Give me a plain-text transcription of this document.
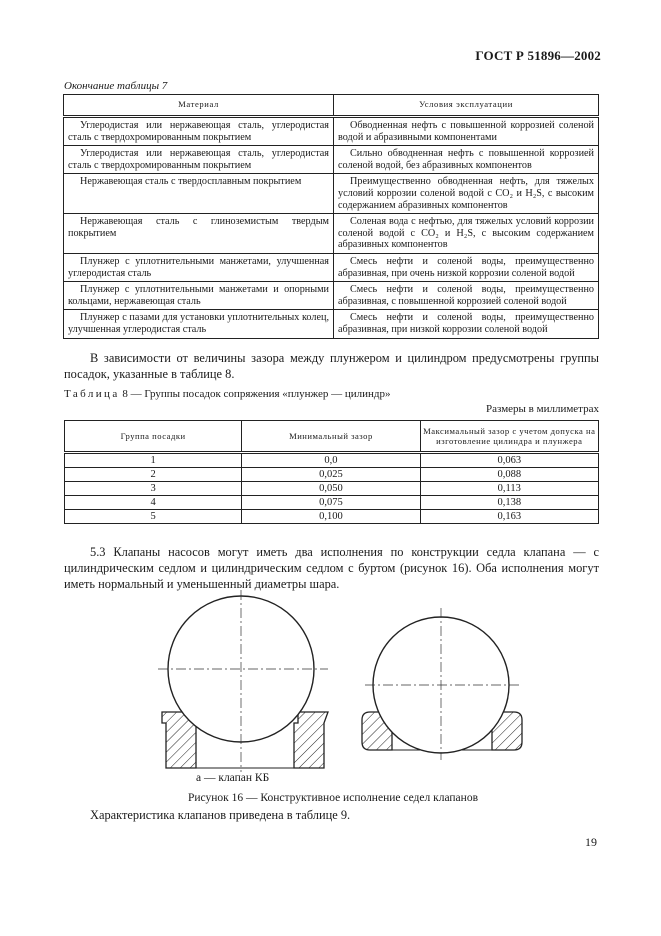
ГОСТ Р 51896—2002
Окончание таблицы 7
Материал	Условия эксплуатации

Углеродистая или нержавеющая сталь, углеродистая сталь с твердохромированным покрытием	Обводненная нефть с повышенной коррозией соленой водой и абразивными компонентами

Углеродистая или нержавеющая сталь, углеродистая сталь с твердохромированным покрытием	Сильно обводненная нефть с повышенной коррозией соленой водой, без абразивных компонентов

Нержавеющая сталь с твердосплавным покрытием	Преимущественно обводненная нефть, для тяжелых условий коррозии соленой водой с CO₂ и H₂S, с высоким содержанием абразивных компонентов

Нержавеющая сталь с глиноземистым твердым покрытием	Соленая вода с нефтью, для тяжелых условий коррозии соленой водой с CO₂ и H₂S, с высоким содержанием абразивных компонентов

Плунжер с уплотнительными манжетами, улучшенная углеродистая сталь	Смесь нефти и соленой воды, преимущественно абразивная, при очень низкой коррозии соленой водой

Плунжер с уплотнительными манжетами и опорными кольцами, нержавеющая сталь	Смесь нефти и соленой воды, преимущественно абразивная, с повышенной коррозией соленой водой

Плунжер с пазами для установки уплотнительных колец, улучшенная углеродистая сталь	Смесь нефти и соленой воды, преимущественно абразивная, при низкой коррозии соленой водой

В зависимости от величины зазора между плунжером и цилиндром предусмотрены группы посадок, указанные в таблице 8.
Таблица 8 — Группы посадок сопряжения «плунжер — цилиндр»
Размеры в миллиметрах
Группа посадки	Минимальный зазор	Максимальный зазор с учетом допуска на изготовление цилиндра и плунжера
1	0,0	0,063
2	0,025	0,088
3	0,050	0,113
4	0,075	0,138
5	0,100	0,163
5.3 Клапаны насосов могут иметь два исполнения по конструкции седла клапана — с цилиндрическим седлом и цилиндрическим седлом с буртом (рисунок 16). Оба исполнения могут иметь нормальный и уменьшенный диаметры шара.
а — клапан КБ
Рисунок 16 — Конструктивное исполнение седел клапанов
Характеристика клапанов приведена в таблице 9.
19
